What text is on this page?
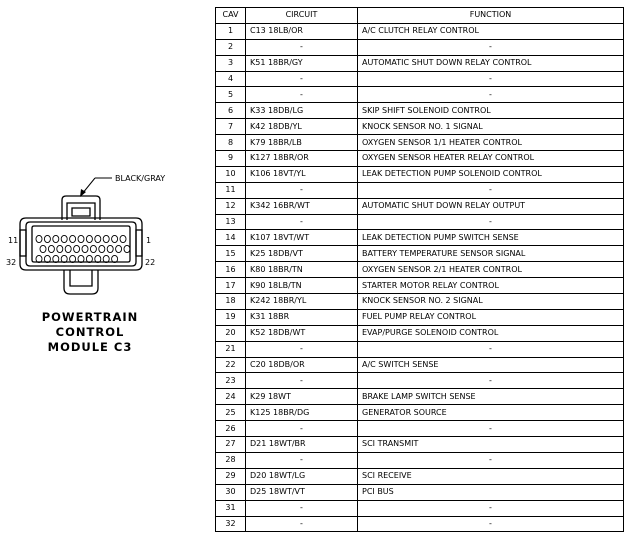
BLACK/GRAY
11	1
32	22
POWERTRAIN
CONTROL
MODULE C3
CAV	CIRCUIT	FUNCTION
1	C13 18LB/OR	A/C CLUTCH RELAY CONTROL
2	-	-
3	K51 18BR/GY	AUTOMATIC SHUT DOWN RELAY CONTROL
4	-	-
5	-	-
6	K33 18DB/LG	SKIP SHIFT SOLENOID CONTROL
7	K42 18DB/YL	KNOCK SENSOR NO. 1 SIGNAL
8	K79 18BR/LB	OXYGEN SENSOR 1/1 HEATER CONTROL
9	K127 18BR/OR	OXYGEN SENSOR HEATER RELAY CONTROL
10	K106 18VT/YL	LEAK DETECTION PUMP SOLENOID CONTROL
11	-	-
12	K342 16BR/WT	AUTOMATIC SHUT DOWN RELAY OUTPUT
13	-	-
14	K107 18VT/WT	LEAK DETECTION PUMP SWITCH SENSE
15	K25 18DB/VT	BATTERY TEMPERATURE SENSOR SIGNAL
16	K80 18BR/TN	OXYGEN SENSOR 2/1 HEATER CONTROL
17	K90 18LB/TN	STARTER MOTOR RELAY CONTROL
18	K242 18BR/YL	KNOCK SENSOR NO. 2 SIGNAL
19	K31 18BR	FUEL PUMP RELAY CONTROL
20	K52 18DB/WT	EVAP/PURGE SOLENOID CONTROL
21	-	-
22	C20 18DB/OR	A/C SWITCH SENSE
23	-	-
24	K29 18WT	BRAKE LAMP SWITCH SENSE
25	K125 18BR/DG	GENERATOR SOURCE
26	-	-
27	D21 18WT/BR	SCI TRANSMIT
28	-	-
29	D20 18WT/LG	SCI RECEIVE
30	D25 18WT/VT	PCI BUS
31	-	-
32	-	-
